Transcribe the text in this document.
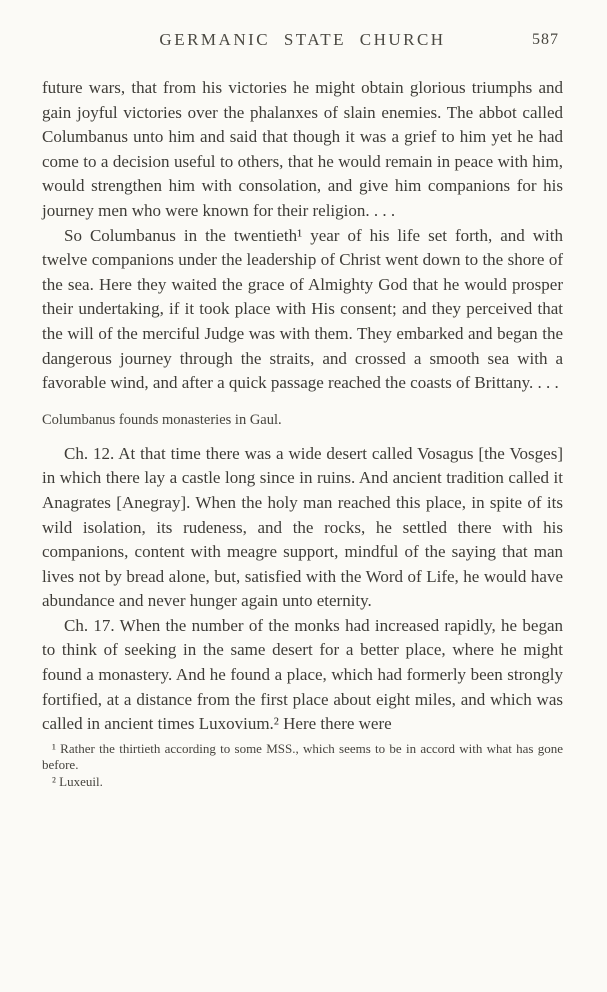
GERMANIC STATE CHURCH	587

future wars, that from his victories he might obtain glorious triumphs and gain joyful victories over the phalanxes of slain enemies. The abbot called Columbanus unto him and said that though it was a grief to him yet he had come to a decision useful to others, that he would remain in peace with him, would strengthen him with consolation, and give him companions for his journey men who were known for their religion. . . .

So Columbanus in the twentieth¹ year of his life set forth, and with twelve companions under the leadership of Christ went down to the shore of the sea. Here they waited the grace of Almighty God that he would prosper their undertaking, if it took place with His consent; and they perceived that the will of the merciful Judge was with them. They embarked and began the dangerous journey through the straits, and crossed a smooth sea with a favorable wind, and after a quick passage reached the coasts of Brittany. . . .

Columbanus founds monasteries in Gaul.

Ch. 12. At that time there was a wide desert called Vosagus [the Vosges] in which there lay a castle long since in ruins. And ancient tradition called it Anagrates [Anegray]. When the holy man reached this place, in spite of its wild isolation, its rudeness, and the rocks, he settled there with his companions, content with meagre support, mindful of the saying that man lives not by bread alone, but, satisfied with the Word of Life, he would have abundance and never hunger again unto eternity.

Ch. 17. When the number of the monks had increased rapidly, he began to think of seeking in the same desert for a better place, where he might found a monastery. And he found a place, which had formerly been strongly fortified, at a distance from the first place about eight miles, and which was called in ancient times Luxovium.² Here there were

¹ Rather the thirtieth according to some MSS., which seems to be in accord with what has gone before.

² Luxeuil.
